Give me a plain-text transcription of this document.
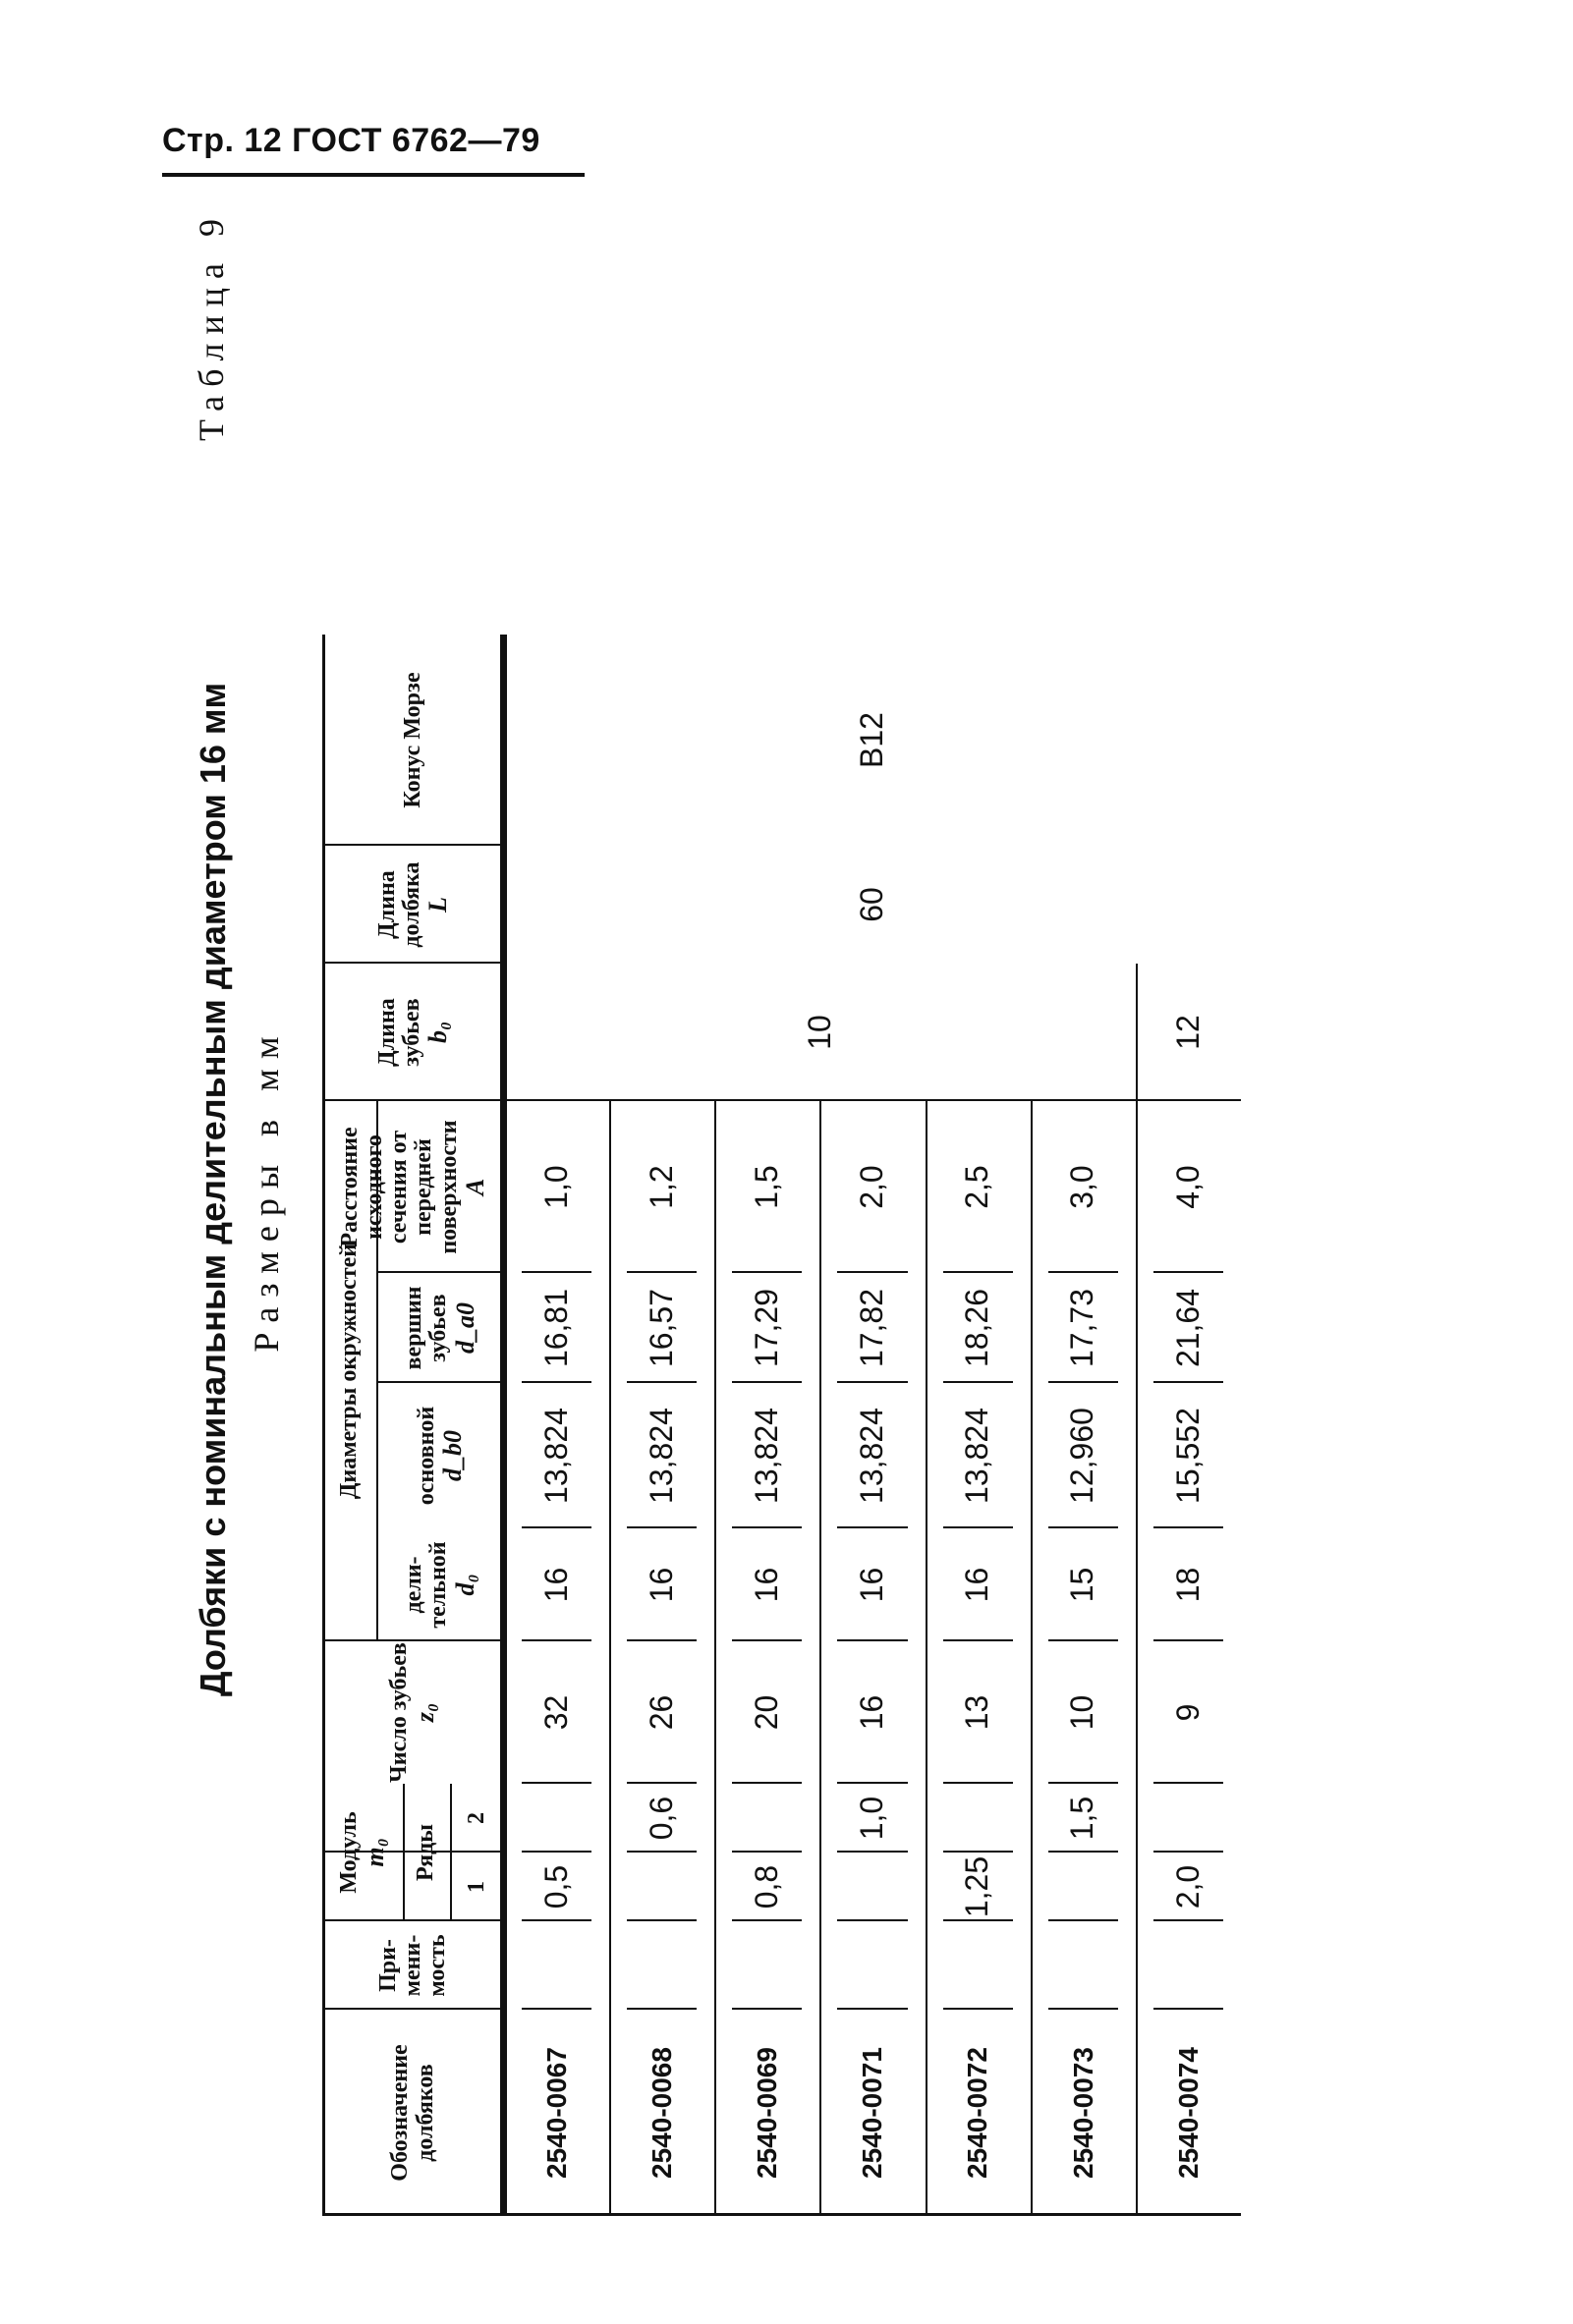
Стр. 12 ГОСТ 6762—79
Таблица 9
Долбяки с номинальным делительным диаметром 16 мм Размеры в мм
Обозначение долбяков
При-мени-мость
Модуль m₀ Ряды
1
2
Число зубьев z₀
Диаметры окружностей
дели-тельной d₀
основной d_b0
вершин зубьев d_a0
Расстояние исходного сечения от передней поверхности A
Длина зубьев b₀
Длина долбяка L
Конус Морзе
2540-0067
0,5
32
16
13,824
16,81
1,0
2540-0068
0,6
26
16
13,824
16,57
1,2
2540-0069
0,8
20
16
13,824
17,29
1,5
2540-0071
1,0
16
16
13,824
17,82
2,0
2540-0072
1,25
13
16
13,824
18,26
2,5
2540-0073
1,5
10
15
12,960
17,73
3,0
2540-0074
2,0
9
18
15,552
21,64
4,0
10	12
60
B12
